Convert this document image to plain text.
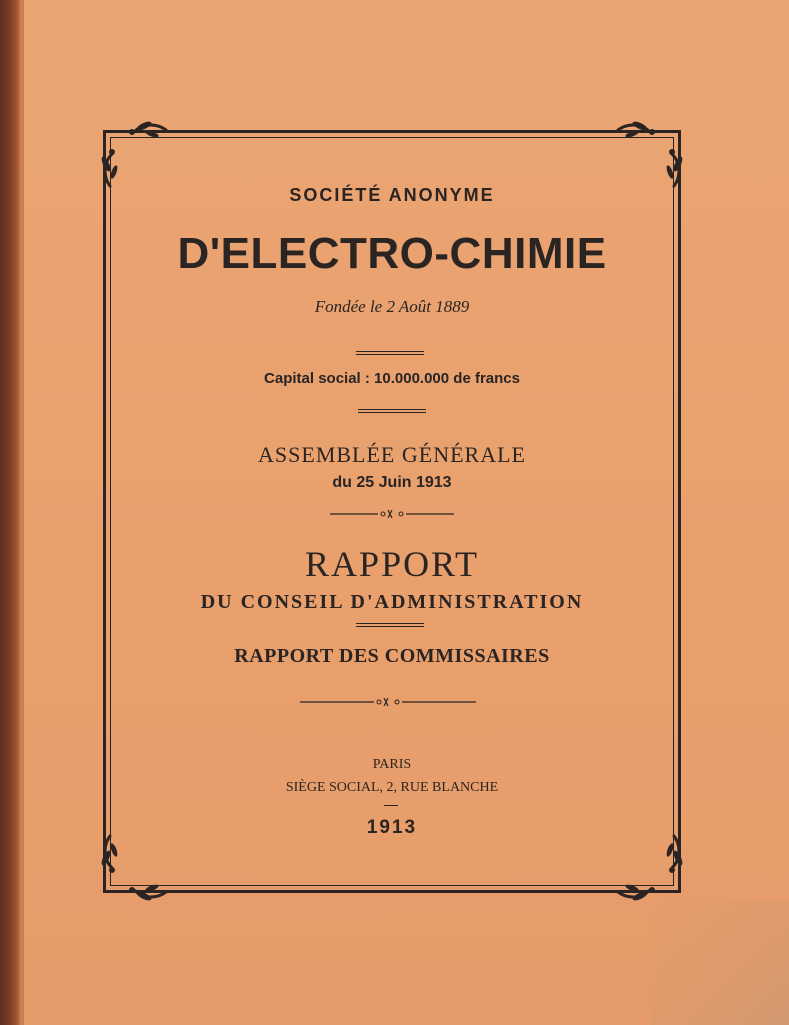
SOCIÉTÉ ANONYME
D'ELECTRO-CHIMIE
Fondée le 2 Août 1889
Capital social : 10.000.000 de francs
ASSEMBLÉE GÉNÉRALE
du 25 Juin 1913
RAPPORT
DU CONSEIL D'ADMINISTRATION
RAPPORT DES COMMISSAIRES
PARIS
SIÈGE SOCIAL, 2, RUE BLANCHE
1913
